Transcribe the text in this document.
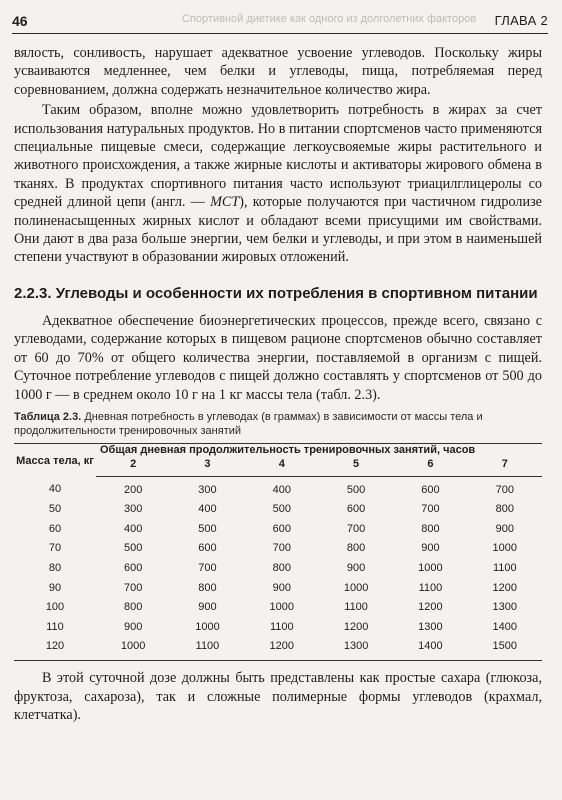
46	Спортивной диетике как одного из долголетних факторов ГЛАВА 2

вялость, сонливость, нарушает адекватное усвоение углеводов. Поскольку жиры усваиваются медленнее, чем белки и углеводы, пища, потребляемая перед соревнованием, должна содержать незначительное количество жира.

Таким образом, вполне можно удовлетворить потребность в жирах за счет использования натуральных продуктов. Но в питании спортсменов часто применяются специальные пищевые смеси, содержащие легкоусвояемые жиры растительного и животного происхождения, а также жирные кислоты и активаторы жирового обмена в тканях. В продуктах спортивного питания часто используют триацилглицеролы со средней длиной цепи (англ. — MCT), которые получаются при частичном гидролизе полиненасыщенных жирных кислот и обладают всеми присущими им свойствами. Они дают в два раза больше энергии, чем белки и углеводы, и при этом в наименьшей степени участвуют в образовании жировых отложений.

2.2.3. Углеводы и особенности их потребления в спортивном питании

Адекватное обеспечение биоэнергетических процессов, прежде всего, связано с углеводами, содержание которых в пищевом рационе спортсменов обычно составляет от 60 до 70% от общего количества энергии, поставляемой в организм с пищей. Суточное потребление углеводов с пищей должно составлять у спортсменов от 500 до 1000 г — в среднем около 10 г на 1 кг массы тела (табл. 2.3).

Таблица 2.3. Дневная потребность в углеводах (в граммах) в зависимости от массы тела и продолжительности тренировочных занятий
Масса тела, кг	Общая дневная продолжительность тренировочных занятий, часов					
	2	3	4	5	6	7
40	200	300	400	500	600	700
50	300	400	500	600	700	800
60	400	500	600	700	800	900
70	500	600	700	800	900	1000
80	600	700	800	900	1000	1100
90	700	800	900	1000	1100	1200
100	800	900	1000	1100	1200	1300
110	900	1000	1100	1200	1300	1400
120	1000	1100	1200	1300	1400	1500

В этой суточной дозе должны быть представлены как простые сахара (глюкоза, фруктоза, сахароза), так и сложные полимерные формы углеводов (крахмал, клетчатка).
